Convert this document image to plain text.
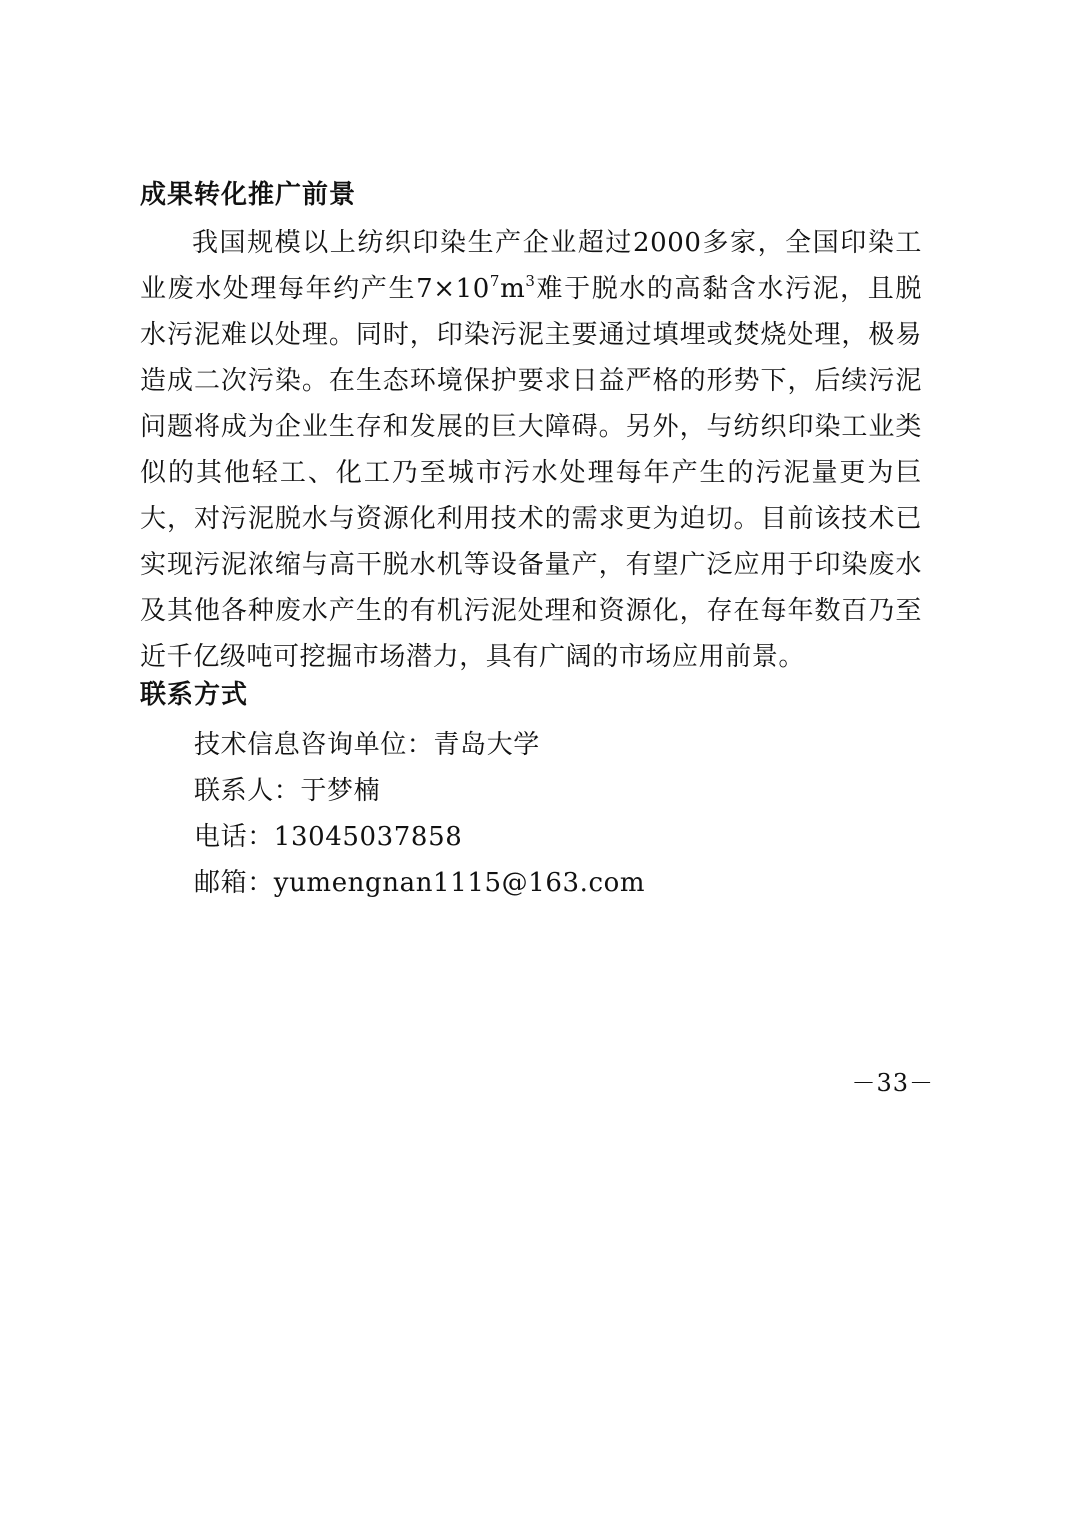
成果转化推广前景

我国规模以上纺织印染生产企业超过2000多家，全国印染工业废水处理每年约产生$7\times 10^7m^3$难于脱水的高黏含水污泥，且脱水污泥难以处理。同时，印染污泥主要通过填埋或焚烧处理，极易造成二次污染。在生态环境保护要求日益严格的形势下，后续污泥问题将成为企业生存和发展的巨大障碍。另外，与纺织印染工业类似的其他轻工、化工乃至城市污水处理每年产生的污泥量更为巨大，对污泥脱水与资源化利用技术的需求更为迫切。目前该技术已实现污泥浓缩与高干脱水机等设备量产，有望广泛应用于印染废水及其他各种废水产生的有机污泥处理和资源化，存在每年数百乃至近千亿级吨可挖掘市场潜力，具有广阔的市场应用前景。

联系方式
技术信息咨询单位：青岛大学
联系人：于梦楠
电话：13045037858
邮箱：yumengnan1115@163.com
－33－
